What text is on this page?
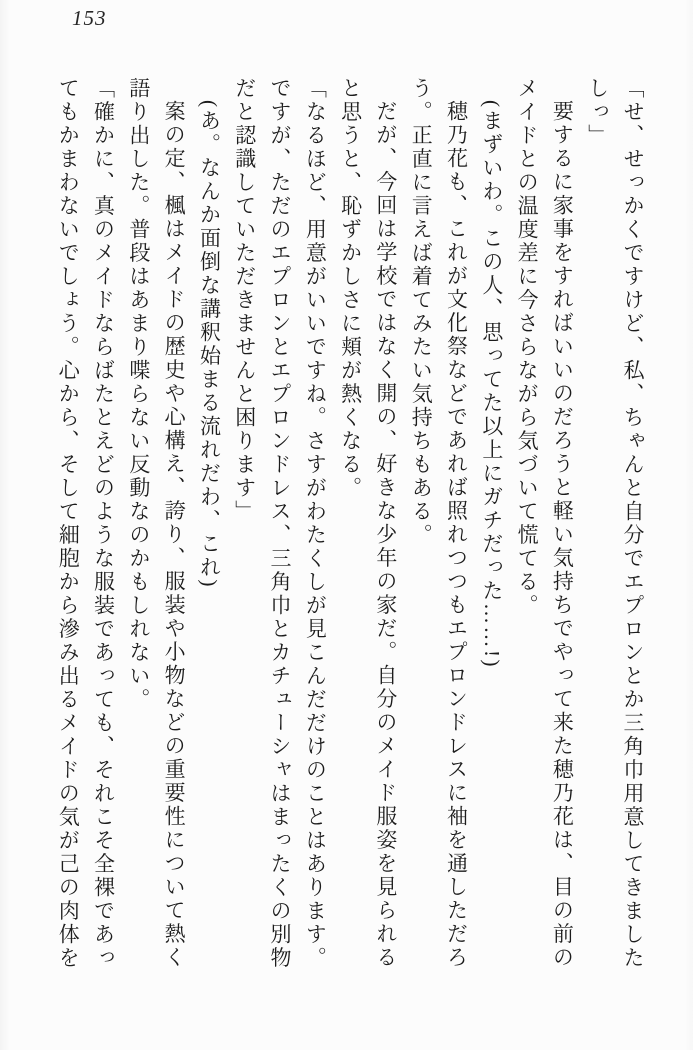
153

「せ、せっかくですけど、私、ちゃんと自分でエプロンとか三角巾用意してきました

しっ」

要するに家事をすればいいのだろうと軽い気持ちでやって来た穂乃花は、目の前の

メイドとの温度差に今さらながら気づいて慌てる。

(まずいわ。この人、思ってた以上にガチだった……!)

穂乃花も、これが文化祭などであれば照れつつもエプロンドレスに袖を通しただろ

う。正直に言えば着てみたい気持ちもある。

だが、今回は学校ではなく開の、好きな少年の家だ。自分のメイド服姿を見られる

と思うと、恥ずかしさに頬が熱くなる。

「なるほど、用意がいいですね。さすがわたくしが見こんだだけのことはあります。

ですが、ただのエプロンとエプロンドレス、三角巾とカチューシャはまったくの別物

だと認識していただきませんと困ります」

(あ。なんか面倒な講釈始まる流れだわ、これ)

案の定、楓はメイドの歴史や心構え、誇り、服装や小物などの重要性について熱く

語り出した。普段はあまり喋らない反動なのかもしれない。

「確かに、真のメイドならばたとえどのような服装であっても、それこそ全裸であっ

てもかまわないでしょう。心から、そして細胞から滲み出るメイドの気が己の肉体を
